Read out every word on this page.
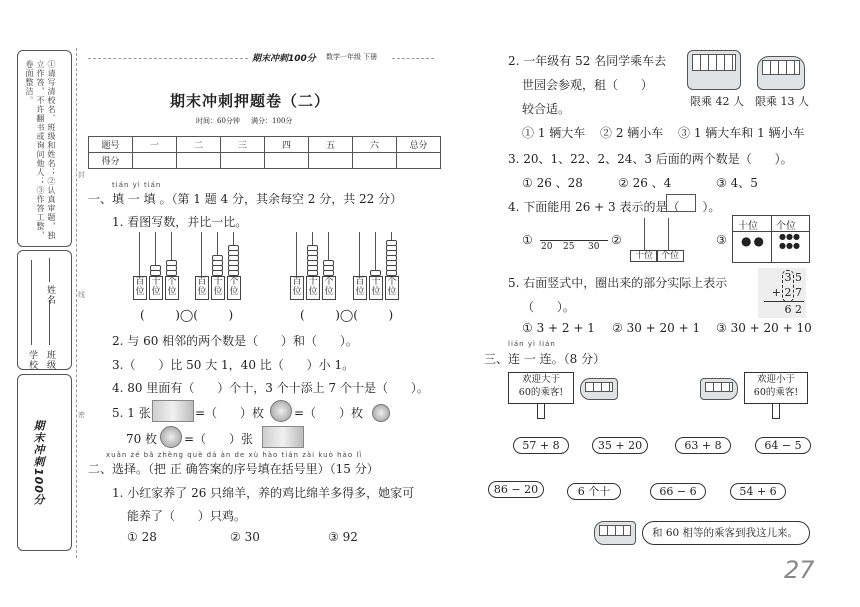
①请写清校名、班级和姓名；②认真审题，独立作答，不许翻书或询问他人；③作答工整，卷面整洁。
学校 班级
姓名
期末冲刺100分
封
线
密
期末冲刺100分 数学一年级 下册
期末冲刺押题卷（二）
时间：60分钟     满分：100分
题号	一	二	三	四	五	六	总分
得分							
tián yì tián
一、填 一 填 。（第 1 题 4 分，其余每空 2 分，共 22 分）
1. 看图写数，并比一比。
百位
十位
个位
百位
十位
个位
百位
十位
个位
百位
十位
个位
(        )◯(        )	(        )◯(        )
2. 与 60 相邻的两个数是（      ）和（      ）。
3.（      ）比 50 大 1，40 比（      ）小 1。
4. 80 里面有（      ）个十，3 个十添上 7 个十是（      ）。
5. 1 张	=（      ）枚	=（      ）枚
70 枚 =（      ）张
xuǎn zé bǎ zhèng què dá àn de xù hào tián zài kuò hào lǐ
二、选择。（把 正 确答案的序号填在括号里）（15 分）
1. 小红家养了 26 只绵羊，养的鸡比绵羊多得多，她家可
能养了（      ）只鸡。
① 28	② 30	③ 92
2. 一年级有 52 名同学乘车去
世园会参观，租（      ）
较合适。
限乘 42 人 限乘 13 人
① 1 辆大车 ② 2 辆小车 ③ 1 辆大车和 1 辆小车
3. 20、1、22、2、24、3 后面的两个数是（      ）。
① 26 、28	② 26 、4	③ 4、5
4. 下面能用 26 + 3 表示的是（      ）。
① 20 25 30 ②
十位 个位
③
十位 个位
●● ●●●
●●●
5. 右面竖式中，圈出来的部分实际上表示
（      ）。
3 5
+ 2 7
6 2
① 3 + 2 + 1 ② 30 + 20 + 1 ③ 30 + 20 + 10
lián yì lián
三、连 一 连。（8 分）
欢迎大于
60的乘客!
欢迎小于
60的乘客!
57 + 8	35 + 20	63 + 8	64 − 5
86 − 20	6 个十	66 − 6	54 + 6
和 60 相等的乘客到我这儿来。
27
